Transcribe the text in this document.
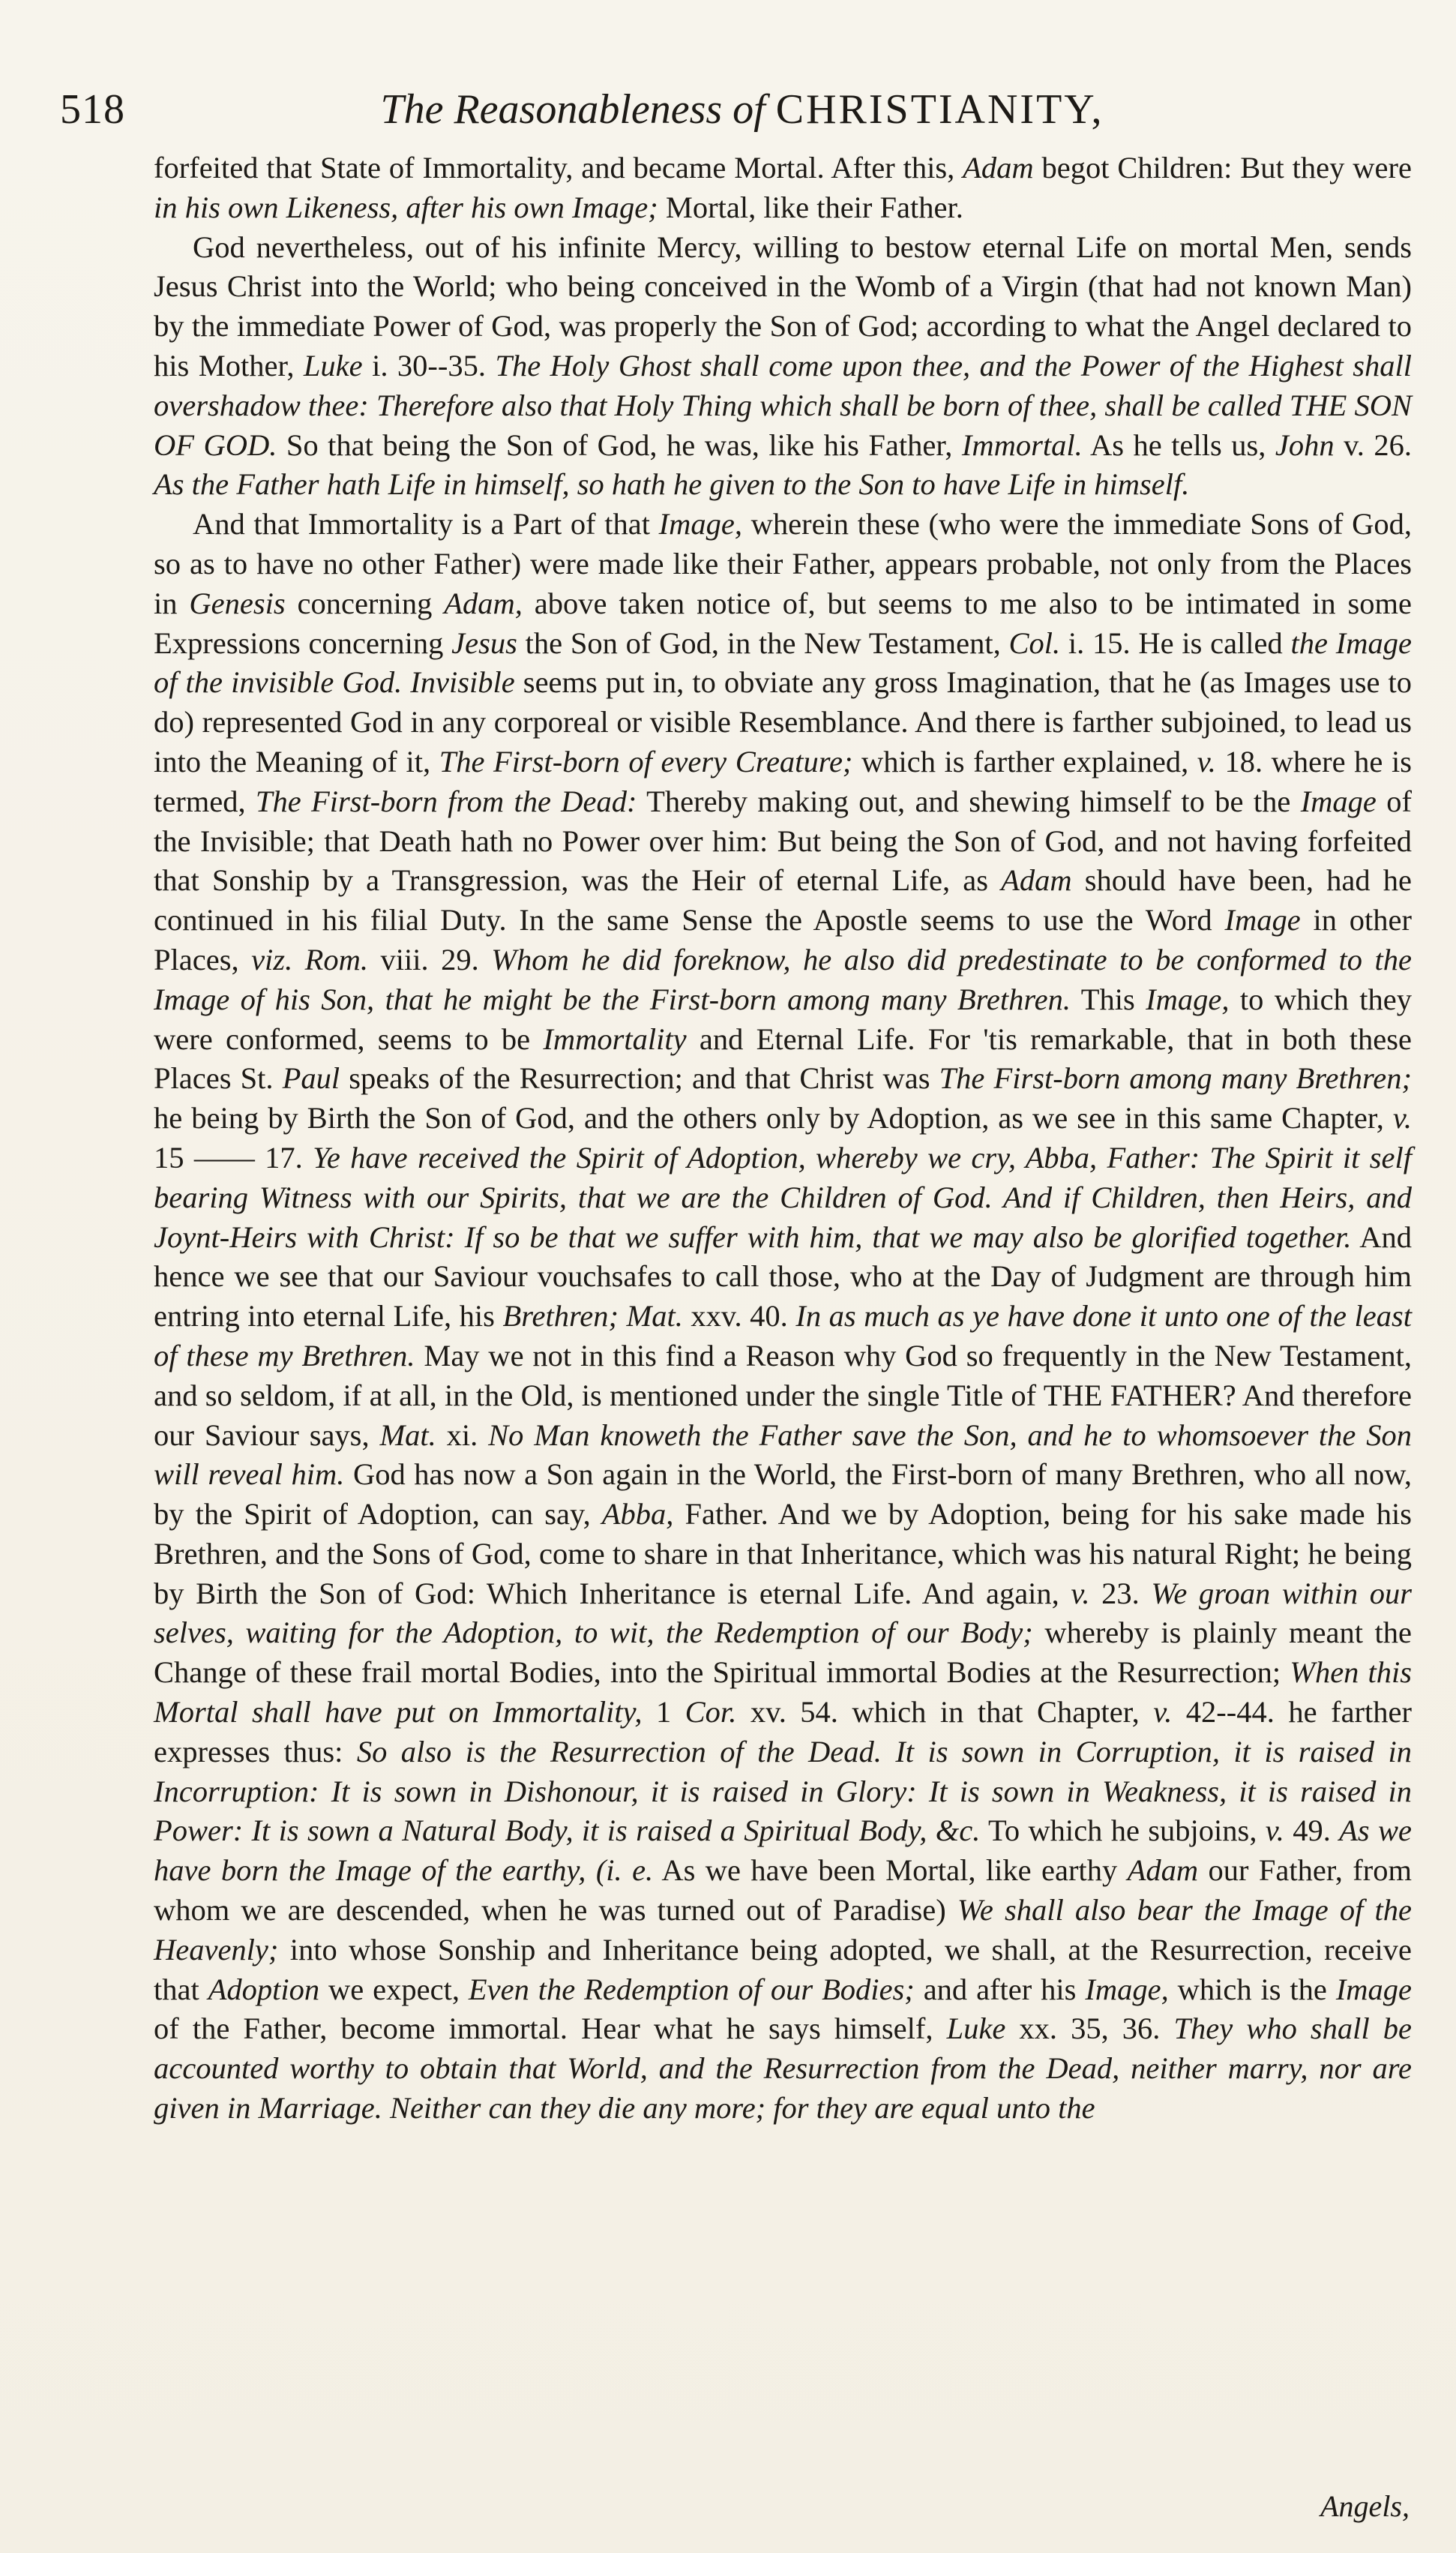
518	The Reasonableness of CHRISTIANITY,

forfeited that State of Immortality, and became Mortal. After this, Adam begot Children: But they were in his own Likeness, after his own Image; Mortal, like their Father.

God nevertheless, out of his infinite Mercy, willing to bestow eternal Life on mortal Men, sends Jesus Christ into the World; who being conceived in the Womb of a Virgin (that had not known Man) by the immediate Power of God, was properly the Son of God; according to what the Angel declared to his Mother, Luke i. 30--35. The Holy Ghost shall come upon thee, and the Power of the Highest shall overshadow thee: Therefore also that Holy Thing which shall be born of thee, shall be called THE SON OF GOD. So that being the Son of God, he was, like his Father, Immortal. As he tells us, John v. 26. As the Father hath Life in himself, so hath he given to the Son to have Life in himself.

And that Immortality is a Part of that Image, wherein these (who were the immediate Sons of God, so as to have no other Father) were made like their Father, appears probable, not only from the Places in Genesis concerning Adam, above taken notice of, but seems to me also to be intimated in some Expressions concerning Jesus the Son of God, in the New Testament, Col. i. 15. He is called the Image of the invisible God. Invisible seems put in, to obviate any gross Imagination, that he (as Images use to do) represented God in any corporeal or visible Resemblance. And there is farther subjoined, to lead us into the Meaning of it, The First-born of every Creature; which is farther explained, v. 18. where he is termed, The First-born from the Dead: Thereby making out, and shewing himself to be the Image of the Invisible; that Death hath no Power over him: But being the Son of God, and not having forfeited that Sonship by a Transgression, was the Heir of eternal Life, as Adam should have been, had he continued in his filial Duty. In the same Sense the Apostle seems to use the Word Image in other Places, viz. Rom. viii. 29. Whom he did foreknow, he also did predestinate to be conformed to the Image of his Son, that he might be the First-born among many Brethren. This Image, to which they were conformed, seems to be Immortality and Eternal Life. For 'tis remarkable, that in both these Places St. Paul speaks of the Resurrection; and that Christ was The First-born among many Brethren; he being by Birth the Son of God, and the others only by Adoption, as we see in this same Chapter, v. 15 —— 17. Ye have received the Spirit of Adoption, whereby we cry, Abba, Father: The Spirit it self bearing Witness with our Spirits, that we are the Children of God. And if Children, then Heirs, and Joynt-Heirs with Christ: If so be that we suffer with him, that we may also be glorified together. And hence we see that our Saviour vouchsafes to call those, who at the Day of Judgment are through him entring into eternal Life, his Brethren; Mat. xxv. 40. In as much as ye have done it unto one of the least of these my Brethren. May we not in this find a Reason why God so frequently in the New Testament, and so seldom, if at all, in the Old, is mentioned under the single Title of THE FATHER? And therefore our Saviour says, Mat. xi. No Man knoweth the Father save the Son, and he to whomsoever the Son will reveal him. God has now a Son again in the World, the First-born of many Brethren, who all now, by the Spirit of Adoption, can say, Abba, Father. And we by Adoption, being for his sake made his Brethren, and the Sons of God, come to share in that Inheritance, which was his natural Right; he being by Birth the Son of God: Which Inheritance is eternal Life. And again, v. 23. We groan within our selves, waiting for the Adoption, to wit, the Redemption of our Body; whereby is plainly meant the Change of these frail mortal Bodies, into the Spiritual immortal Bodies at the Resurrection; When this Mortal shall have put on Immortality, 1 Cor. xv. 54. which in that Chapter, v. 42--44. he farther expresses thus: So also is the Resurrection of the Dead. It is sown in Corruption, it is raised in Incorruption: It is sown in Dishonour, it is raised in Glory: It is sown in Weakness, it is raised in Power: It is sown a Natural Body, it is raised a Spiritual Body, &c. To which he subjoins, v. 49. As we have born the Image of the earthy, (i. e. As we have been Mortal, like earthy Adam our Father, from whom we are descended, when he was turned out of Paradise) We shall also bear the Image of the Heavenly; into whose Sonship and Inheritance being adopted, we shall, at the Resurrection, receive that Adoption we expect, Even the Redemption of our Bodies; and after his Image, which is the Image of the Father, become immortal. Hear what he says himself, Luke xx. 35, 36. They who shall be accounted worthy to obtain that World, and the Resurrection from the Dead, neither marry, nor are given in Marriage. Neither can they die any more; for they are equal unto the

Angels,
